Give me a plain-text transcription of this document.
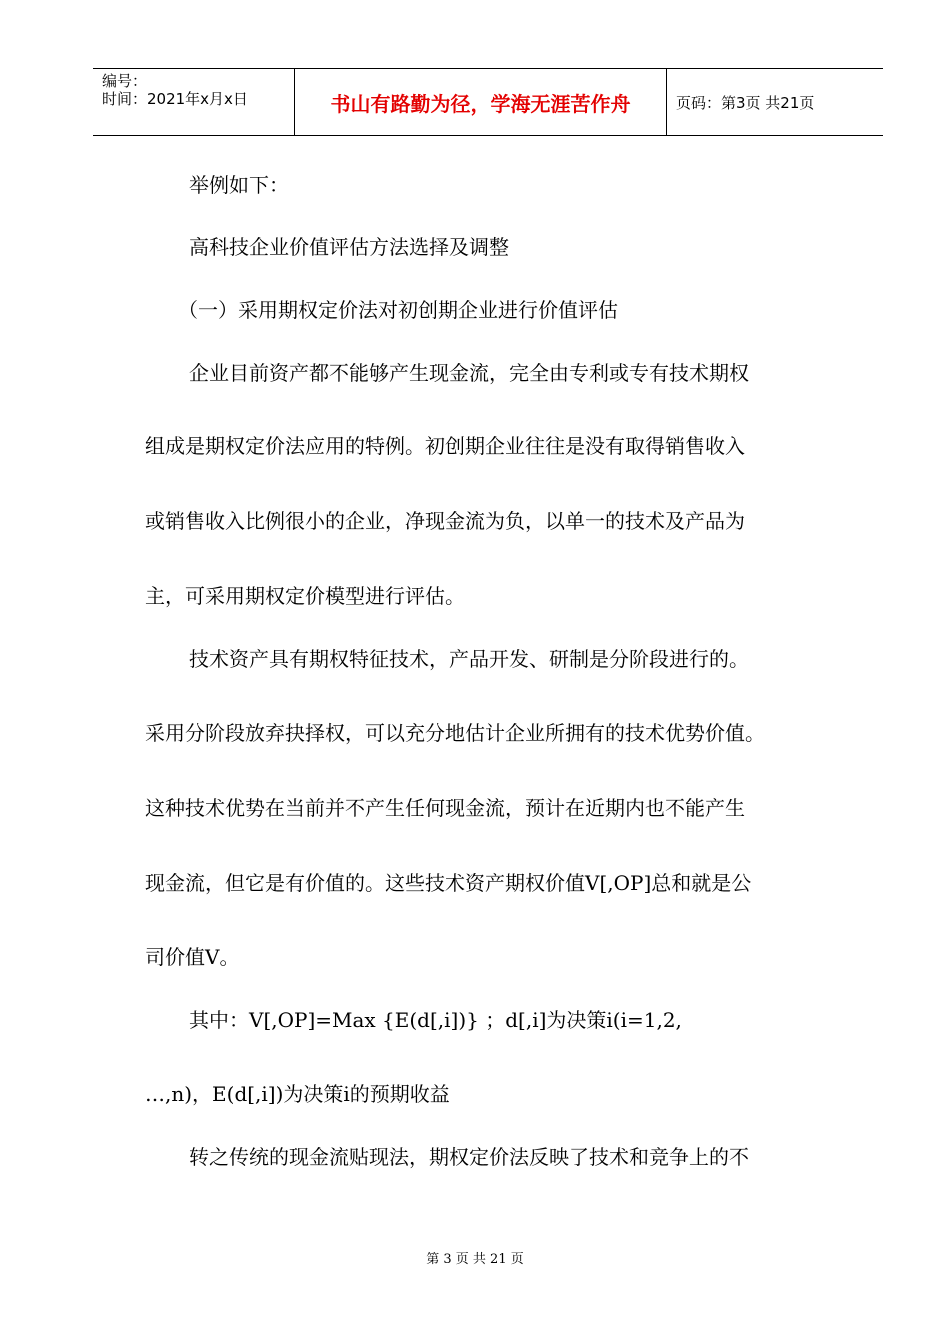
编号：
时间：2021年x月x日	书山有路勤为径，学海无涯苦作舟	页码：第3页 共21页
举例如下：
高科技企业价值评估方法选择及调整
（一）采用期权定价法对初创期企业进行价值评估
企业目前资产都不能够产生现金流，完全由专利或专有技术期权
组成是期权定价法应用的特例。初创期企业往往是没有取得销售收入
或销售收入比例很小的企业，净现金流为负，以单一的技术及产品为
主，可采用期权定价模型进行评估。
技术资产具有期权特征技术，产品开发、研制是分阶段进行的。
采用分阶段放弃抉择权，可以充分地估计企业所拥有的技术优势价值。
这种技术优势在当前并不产生任何现金流，预计在近期内也不能产生
现金流，但它是有价值的。这些技术资产期权价值V[,OP]总和就是公
司价值V。
其中：V[,OP]=Max {E(d[,i])} ；d[,i]为决策i(i=1,2,
…,n)，E(d[,i])为决策i的预期收益
转之传统的现金流贴现法，期权定价法反映了技术和竞争上的不
第 3 页 共 21 页
